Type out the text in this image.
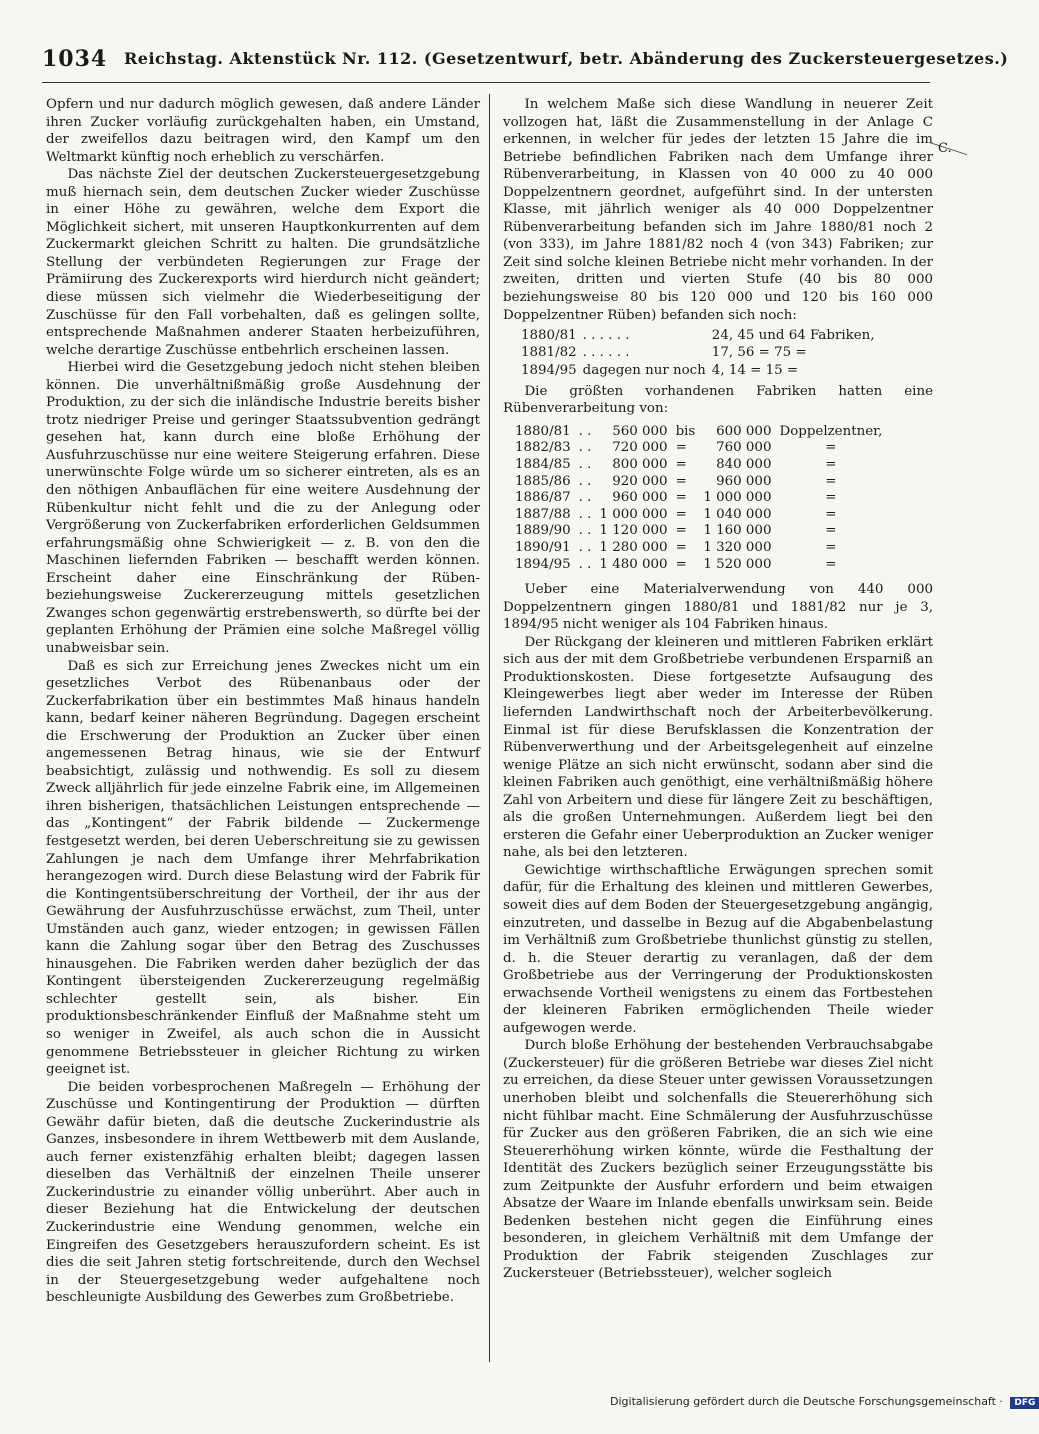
1034 Reichstag. Aktenstück Nr. 112. (Gesetzentwurf, betr. Abänderung des Zuckersteuergesetzes.)

Opfern und nur dadurch möglich gewesen, daß andere Länder ihren Zucker vorläufig zurückgehalten haben, ein Umstand, der zweifellos dazu beitragen wird, den Kampf um den Weltmarkt künftig noch erheblich zu verschärfen.

Das nächste Ziel der deutschen Zuckersteuergesetzgebung muß hiernach sein, dem deutschen Zucker wieder Zuschüsse in einer Höhe zu gewähren, welche dem Export die Möglichkeit sichert, mit unseren Hauptkonkurrenten auf dem Zuckermarkt gleichen Schritt zu halten. Die grundsätzliche Stellung der verbündeten Regierungen zur Frage der Prämiirung des Zuckerexports wird hierdurch nicht geändert; diese müssen sich vielmehr die Wiederbeseitigung der Zuschüsse für den Fall vorbehalten, daß es gelingen sollte, entsprechende Maßnahmen anderer Staaten herbeizuführen, welche derartige Zuschüsse entbehrlich erscheinen lassen.

Hierbei wird die Gesetzgebung jedoch nicht stehen bleiben können. Die unverhältnißmäßig große Ausdehnung der Produktion, zu der sich die inländische Industrie bereits bisher trotz niedriger Preise und geringer Staatssubvention gedrängt gesehen hat, kann durch eine bloße Erhöhung der Ausfuhrzuschüsse nur eine weitere Steigerung erfahren. Diese unerwünschte Folge würde um so sicherer eintreten, als es an den nöthigen Anbauflächen für eine weitere Ausdehnung der Rübenkultur nicht fehlt und die zu der Anlegung oder Vergrößerung von Zuckerfabriken erforderlichen Geldsummen erfahrungsmäßig ohne Schwierigkeit — z. B. von den die Maschinen liefernden Fabriken — beschafft werden können. Erscheint daher eine Einschränkung der Rüben- beziehungsweise Zuckererzeugung mittels gesetzlichen Zwanges schon gegenwärtig erstrebenswerth, so dürfte bei der geplanten Erhöhung der Prämien eine solche Maßregel völlig unabweisbar sein.

Daß es sich zur Erreichung jenes Zweckes nicht um ein gesetzliches Verbot des Rübenanbaus oder der Zuckerfabrikation über ein bestimmtes Maß hinaus handeln kann, bedarf keiner näheren Begründung. Dagegen erscheint die Erschwerung der Produktion an Zucker über einen angemessenen Betrag hinaus, wie sie der Entwurf beabsichtigt, zulässig und nothwendig. Es soll zu diesem Zweck alljährlich für jede einzelne Fabrik eine, im Allgemeinen ihren bisherigen, thatsächlichen Leistungen entsprechende — das „Kontingent“ der Fabrik bildende — Zuckermenge festgesetzt werden, bei deren Ueberschreitung sie zu gewissen Zahlungen je nach dem Umfange ihrer Mehrfabrikation herangezogen wird. Durch diese Belastung wird der Fabrik für die Kontingentsüberschreitung der Vortheil, der ihr aus der Gewährung der Ausfuhrzuschüsse erwächst, zum Theil, unter Umständen auch ganz, wieder entzogen; in gewissen Fällen kann die Zahlung sogar über den Betrag des Zuschusses hinausgehen. Die Fabriken werden daher bezüglich der das Kontingent übersteigenden Zuckererzeugung regelmäßig schlechter gestellt sein, als bisher. Ein produktionsbeschränkender Einfluß der Maßnahme steht um so weniger in Zweifel, als auch schon die in Aussicht genommene Betriebssteuer in gleicher Richtung zu wirken geeignet ist.

Die beiden vorbesprochenen Maßregeln — Erhöhung der Zuschüsse und Kontingentirung der Produktion — dürften Gewähr dafür bieten, daß die deutsche Zuckerindustrie als Ganzes, insbesondere in ihrem Wettbewerb mit dem Auslande, auch ferner existenzfähig erhalten bleibt; dagegen lassen dieselben das Verhältniß der einzelnen Theile unserer Zuckerindustrie zu einander völlig unberührt. Aber auch in dieser Beziehung hat die Entwickelung der deutschen Zuckerindustrie eine Wendung genommen, welche ein Eingreifen des Gesetzgebers herauszufordern scheint. Es ist dies die seit Jahren stetig fortschreitende, durch den Wechsel in der Steuergesetzgebung weder aufgehaltene noch beschleunigte Ausbildung des Gewerbes zum Großbetriebe.

In welchem Maße sich diese Wandlung in neuerer Zeit vollzogen hat, läßt die Zusammenstellung in der Anlage C erkennen, in welcher für jedes der letzten 15 Jahre die im Betriebe befindlichen Fabriken nach dem Umfange ihrer Rübenverarbeitung, in Klassen von 40 000 zu 40 000 Doppelzentnern geordnet, aufgeführt sind. In der untersten Klasse, mit jährlich weniger als 40 000 Doppelzentner Rübenverarbeitung befanden sich im Jahre 1880/81 noch 2 (von 333), im Jahre 1881/82 noch 4 (von 343) Fabriken; zur Zeit sind solche kleinen Betriebe nicht mehr vorhanden. In der zweiten, dritten und vierten Stufe (40 bis 80 000 beziehungsweise 80 bis 120 000 und 120 bis 160 000 Doppelzentner Rüben) befanden sich noch:

1880/81	. . . . . .	24, 45 und 64 Fabriken,
1881/82	. . . . . .	17, 56 = 75 =
1894/95	dagegen nur noch	4, 14 = 15 =

Die größten vorhandenen Fabriken hatten eine Rübenverarbeitung von:

1880/81	. .	560 000	bis	600 000	Doppelzentner,
1882/83	. .	720 000	=	760 000	=
1884/85	. .	800 000	=	840 000	=
1885/86	. .	920 000	=	960 000	=
1886/87	. .	960 000	=	1 000 000	=
1887/88	. .	1 000 000	=	1 040 000	=
1889/90	. .	1 120 000	=	1 160 000	=
1890/91	. .	1 280 000	=	1 320 000	=
1894/95	. .	1 480 000	=	1 520 000	=

Ueber eine Materialverwendung von 440 000 Doppelzentnern gingen 1880/81 und 1881/82 nur je 3, 1894/95 nicht weniger als 104 Fabriken hinaus.

Der Rückgang der kleineren und mittleren Fabriken erklärt sich aus der mit dem Großbetriebe verbundenen Ersparniß an Produktionskosten. Diese fortgesetzte Aufsaugung des Kleingewerbes liegt aber weder im Interesse der Rüben liefernden Landwirthschaft noch der Arbeiterbevölkerung. Einmal ist für diese Berufsklassen die Konzentration der Rübenverwerthung und der Arbeitsgelegenheit auf einzelne wenige Plätze an sich nicht erwünscht, sodann aber sind die kleinen Fabriken auch genöthigt, eine verhältnißmäßig höhere Zahl von Arbeitern und diese für längere Zeit zu beschäftigen, als die großen Unternehmungen. Außerdem liegt bei den ersteren die Gefahr einer Ueberproduktion an Zucker weniger nahe, als bei den letzteren.

Gewichtige wirthschaftliche Erwägungen sprechen somit dafür, für die Erhaltung des kleinen und mittleren Gewerbes, soweit dies auf dem Boden der Steuergesetzgebung angängig, einzutreten, und dasselbe in Bezug auf die Abgabenbelastung im Verhältniß zum Großbetriebe thunlichst günstig zu stellen, d. h. die Steuer derartig zu veranlagen, daß der dem Großbetriebe aus der Verringerung der Produktionskosten erwachsende Vortheil wenigstens zu einem das Fortbestehen der kleineren Fabriken ermöglichenden Theile wieder aufgewogen werde.

Durch bloße Erhöhung der bestehenden Verbrauchsabgabe (Zuckersteuer) für die größeren Betriebe war dieses Ziel nicht zu erreichen, da diese Steuer unter gewissen Voraussetzungen unerhoben bleibt und solchenfalls die Steuererhöhung sich nicht fühlbar macht. Eine Schmälerung der Ausfuhrzuschüsse für Zucker aus den größeren Fabriken, die an sich wie eine Steuererhöhung wirken könnte, würde die Festhaltung der Identität des Zuckers bezüglich seiner Erzeugungsstätte bis zum Zeitpunkte der Ausfuhr erfordern und beim etwaigen Absatze der Waare im Inlande ebenfalls unwirksam sein. Beide Bedenken bestehen nicht gegen die Einführung eines besonderen, in gleichem Verhältniß mit dem Umfange der Produktion der Fabrik steigenden Zuschlages zur Zuckersteuer (Betriebssteuer), welcher sogleich

C.
Digitalisierung gefördert durch die Deutsche Forschungsgemeinschaft · DFG
